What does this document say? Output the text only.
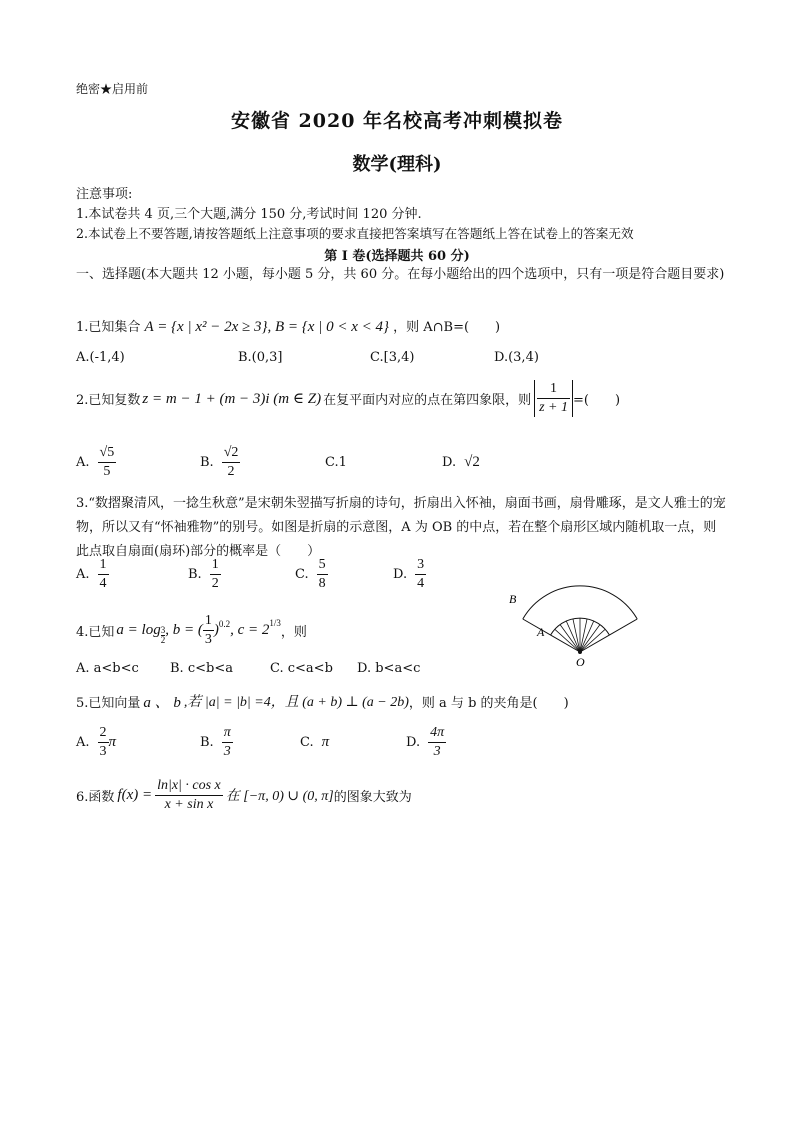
绝密★启用前
安徽省 2020 年名校高考冲刺模拟卷
数学(理科)
注意事项:
1.本试卷共 4 页,三个大题,满分 150 分,考试时间 120 分钟.
2.本试卷上不要答题,请按答题纸上注意事项的要求直接把答案填写在答题纸上答在试卷上的答案无效
第 I 卷(选择题共 60 分)
一、选择题(本大题共 12 小题，每小题 5 分，共 60 分。在每小题给出的四个选项中，只有一项是符合题目要求)
1.已知集合 A = {x | x² − 2x ≥ 3}, B = {x | 0 < x < 4} ，则 A∩B=(　　)
A.(-1,4)	B.(0,3]	C.[3,4)	D.(3,4)
2.已知复数 z = m − 1 + (m − 3)i (m ∈ Z) 在复平面内对应的点在第四象限，则 $\frac{1}{z + 1}$ =(　　)
A. $\frac{√5}{5}$	B. $\frac{√2}{2}$	C.1	D. √2
3.“数摺聚清风，一捻生秋意”是宋朝朱翌描写折扇的诗句，折扇出入怀袖，扇面书画，扇骨雕琢，是文人雅士的宠物，所以又有“怀袖雅物”的别号。如图是折扇的示意图，A 为 OB 的中点，若在整个扇形区域内随机取一点，则此点取自扇面(扇环)部分的概率是（　　）
A. $\frac{1}{4}$	B. $\frac{1}{2}$	C. $\frac{5}{8}$	D. $\frac{3}{4}$
B
A
O
4.已知 a = log 3
2
, b = ( $\frac{1}{3} )^{0.2}$ , $c = 2^{1/3}$
，则
A. a<b<c B. c<b<a	C. c<a<b D. b<a<c
5.已知向量 a 、 b ,若 |a| = |b| =4，且 (a + b) ⊥ (a − 2b) ，则 a 与 b 的夹角是(　　)
A. $\frac{2}{3}$ π	B. $\frac{\pi}{3}$	C. π	D. $\frac{4\pi}{3}$
6.函数 $f(x) = \frac{\text{ln|x| · cos x}}{\text{x + sin x}}$ 在 [−π, 0) ∪ (0, π] 的图象大致为
